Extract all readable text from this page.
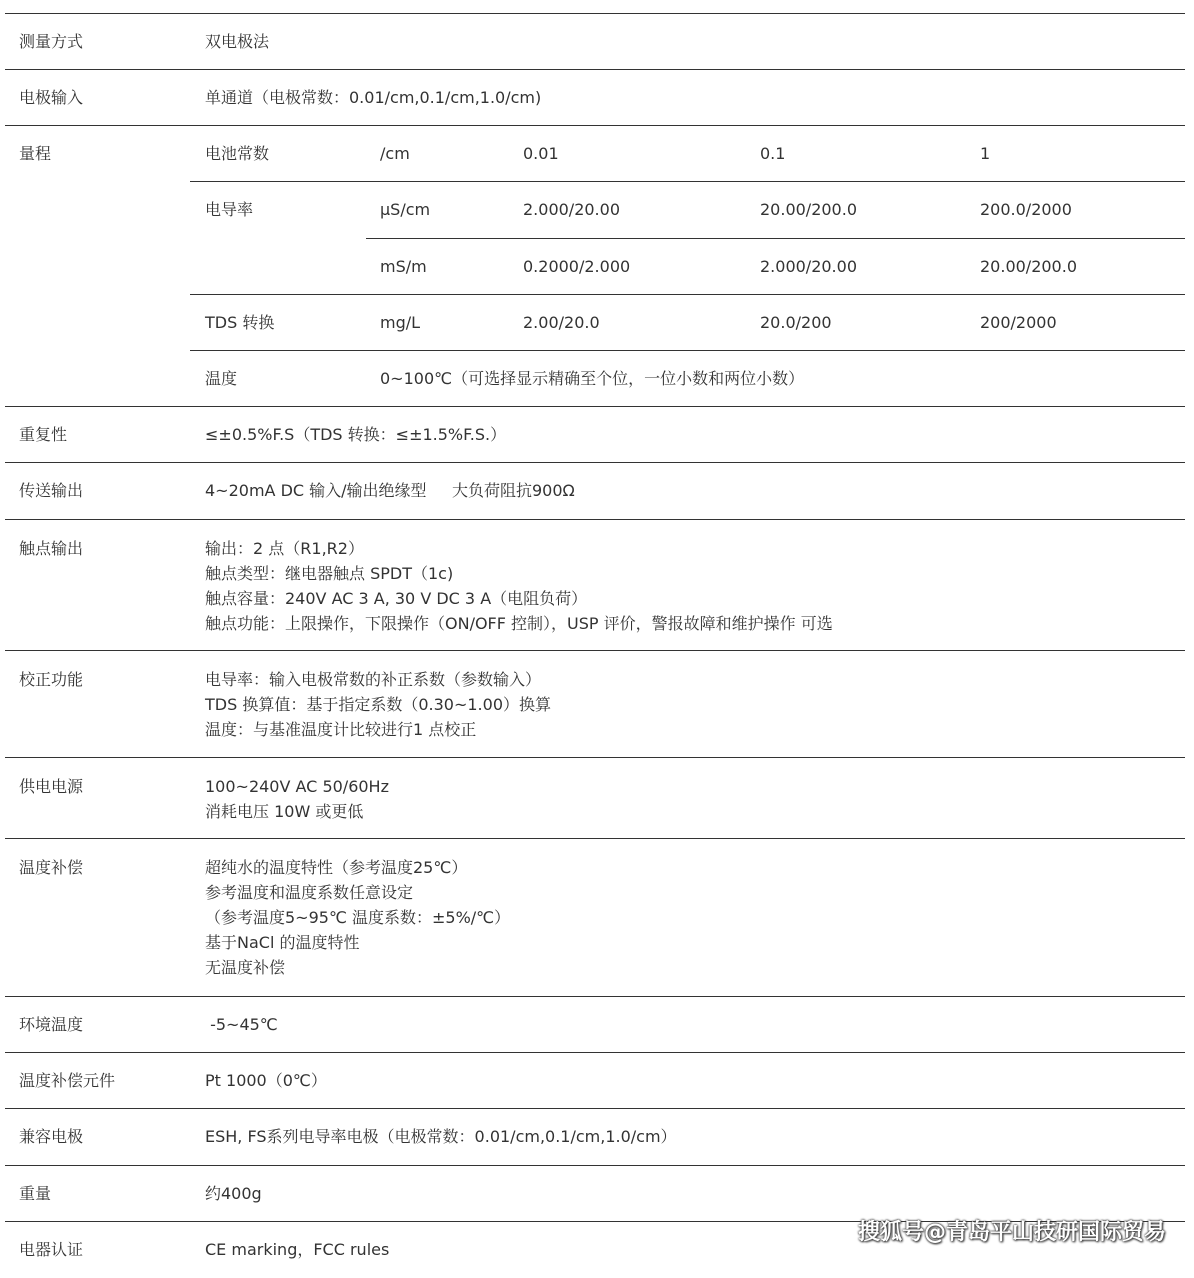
测量方式	双电极法
电极输入	单通道（电极常数：0.01/cm,0.1/cm,1.0/cm)
量程	电池常数	/cm	0.01	0.1	1
电导率	µS/cm	2.000/20.00	20.00/200.0	200.0/2000
mS/m	0.2000/2.000	2.000/20.00	20.00/200.0
TDS 转换	mg/L	2.00/20.0	20.0/200	200/2000
温度	0~100℃（可选择显示精确至个位，一位小数和两位小数）
重复性	≤±0.5%F.S（TDS 转换：≤±1.5%F.S.）
传送输出	4~20mA DC 输入/输出绝缘型     大负荷阻抗900Ω
触点输出	输出：2 点（R1,R2）
触点类型：继电器触点 SPDT（1c)
触点容量：240V AC 3 A, 30 V DC 3 A（电阻负荷）
触点功能：上限操作，下限操作（ON/OFF 控制），USP 评价，警报故障和维护操作 可选
校正功能	电导率：输入电极常数的补正系数（参数输入）
TDS 换算值：基于指定系数（0.30~1.00）换算
温度：与基准温度计比较进行1 点校正
供电电源	100~240V AC 50/60Hz
消耗电压 10W 或更低
温度补偿	超纯水的温度特性（参考温度25℃）
参考温度和温度系数任意设定
（参考温度5~95℃ 温度系数：±5%/℃）
基于NaCl 的温度特性
无温度补偿
环境温度	-5~45℃
温度补偿元件	Pt 1000（0℃）
兼容电极	ESH, FS系列电导率电极（电极常数：0.01/cm,0.1/cm,1.0/cm）
重量	约400g
电器认证	CE marking，FCC rules
搜狐号@青岛平山技研国际贸易
